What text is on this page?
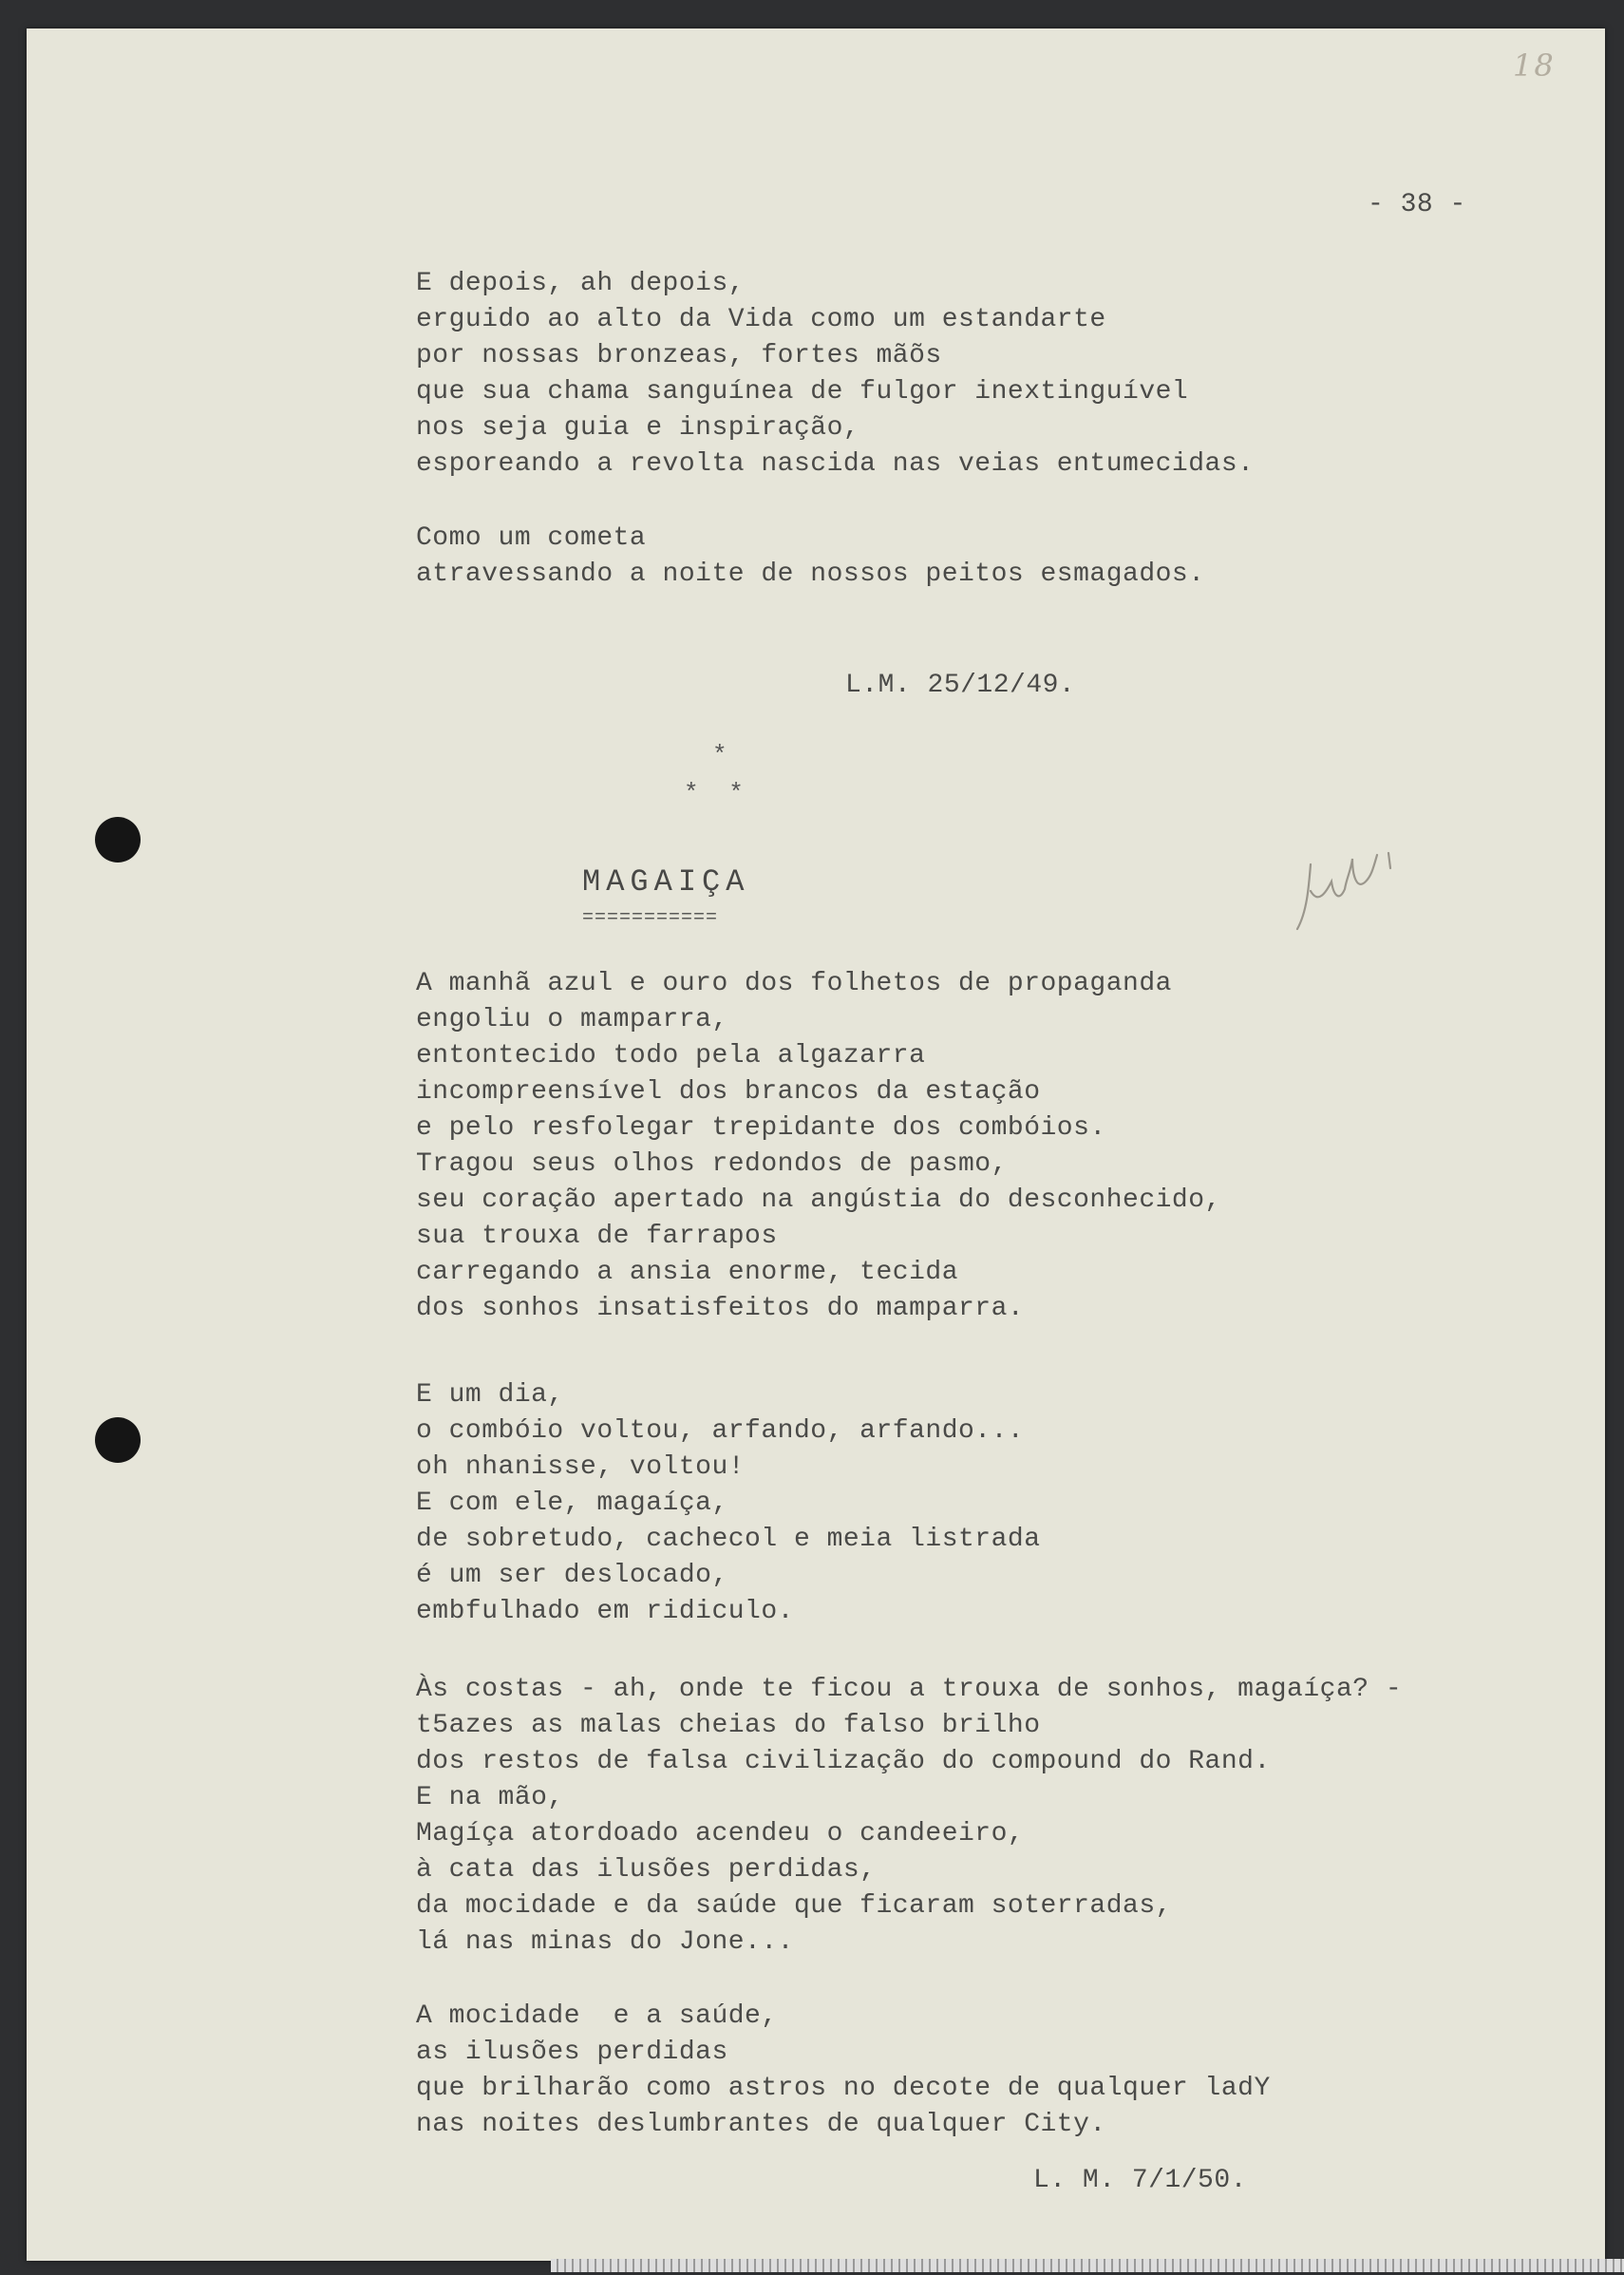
18
- 38 -
E depois, ah depois,
erguido ao alto da Vida como um estandarte
por nossas bronzeas, fortes mãõs
que sua chama sanguínea de fulgor inextinguível
nos seja guia e inspiração,
esporeando a revolta nascida nas veias entumecidas.
Como um cometa
atravessando a noite de nossos peitos esmagados.
L.M. 25/12/49.
*
* *
MAGAIÇA
===========
A manhã azul e ouro dos folhetos de propaganda
engoliu o mamparra,
entontecido todo pela algazarra
incompreensível dos brancos da estação
e pelo resfolegar trepidante dos combóios.
Tragou seus olhos redondos de pasmo,
seu coração apertado na angústia do desconhecido,
sua trouxa de farrapos
carregando a ansia enorme, tecida
dos sonhos insatisfeitos do mamparra.
E um dia,
o combóio voltou, arfando, arfando...
oh nhanisse, voltou!
E com ele, magaíça,
de sobretudo, cachecol e meia listrada
é um ser deslocado,
embfulhado em ridiculo.
Às costas - ah, onde te ficou a trouxa de sonhos, magaíça? -
t5azes as malas cheias do falso brilho
dos restos de falsa civilização do compound do Rand.
E na mão,
Magíça atordoado acendeu o candeeiro,
à cata das ilusões perdidas,
da mocidade e da saúde que ficaram soterradas,
lá nas minas do Jone...
A mocidade  e a saúde,
as ilusões perdidas
que brilharão como astros no decote de qualquer ladY
nas noites deslumbrantes de qualquer City.
L. M. 7/1/50.
